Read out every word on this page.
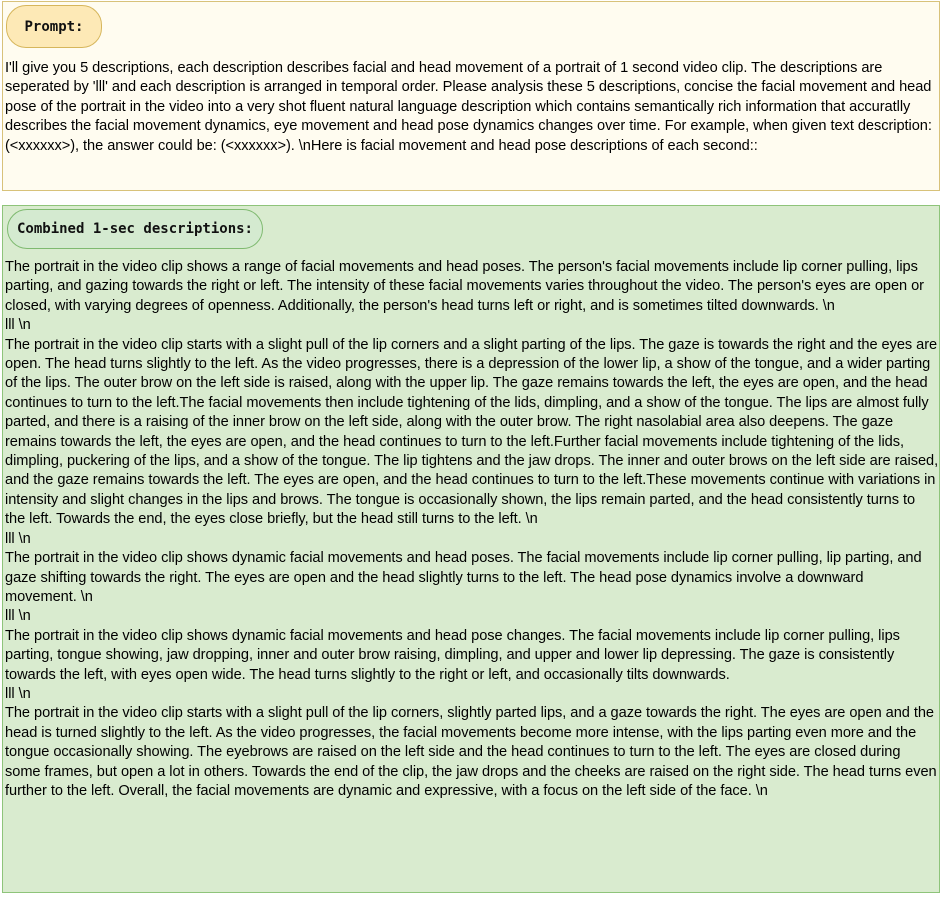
Prompt:
I'll give you 5 descriptions, each description describes facial and head movement of a portrait of 1 second video clip. The descriptions are seperated by 'lll' and each description is arranged in temporal order. Please analysis these 5 descriptions, concise the facial movement and head pose of the portrait in the video into a very shot fluent natural language description which contains semantically rich information that accuratlly describes the facial movement dynamics, eye movement and head pose dynamics changes over time. For example, when given text description: (<xxxxxx>), the answer could be: (<xxxxxx>). \nHere is facial movement and head pose descriptions of each second::
Combined 1-sec descriptions:

The portrait in the video clip shows a range of facial movements and head poses. The person's facial movements include lip corner pulling, lips parting, and gazing towards the right or left. The intensity of these facial movements varies throughout the video. The person's eyes are open or closed, with varying degrees of openness. Additionally, the person's head turns left or right, and is sometimes tilted downwards. \n

lll \n

The portrait in the video clip starts with a slight pull of the lip corners and a slight parting of the lips. The gaze is towards the right and the eyes are open. The head turns slightly to the left. As the video progresses, there is a depression of the lower lip, a show of the tongue, and a wider parting of the lips. The outer brow on the left side is raised, along with the upper lip. The gaze remains towards the left, the eyes are open, and the head continues to turn to the left.The facial movements then include tightening of the lids, dimpling, and a show of the tongue. The lips are almost fully parted, and there is a raising of the inner brow on the left side, along with the outer brow. The right nasolabial area also deepens. The gaze remains towards the left, the eyes are open, and the head continues to turn to the left.Further facial movements include tightening of the lids, dimpling, puckering of the lips, and a show of the tongue. The lip tightens and the jaw drops. The inner and outer brows on the left side are raised, and the gaze remains towards the left. The eyes are open, and the head continues to turn to the left.These movements continue with variations in intensity and slight changes in the lips and brows. The tongue is occasionally shown, the lips remain parted, and the head consistently turns to the left. Towards the end, the eyes close briefly, but the head still turns to the left. \n

lll \n

The portrait in the video clip shows dynamic facial movements and head poses. The facial movements include lip corner pulling, lip parting, and gaze shifting towards the right. The eyes are open and the head slightly turns to the left. The head pose dynamics involve a downward movement. \n

lll \n

The portrait in the video clip shows dynamic facial movements and head pose changes. The facial movements include lip corner pulling, lips parting, tongue showing, jaw dropping, inner and outer brow raising, dimpling, and upper and lower lip depressing. The gaze is consistently towards the left, with eyes open wide. The head turns slightly to the right or left, and occasionally tilts downwards.

lll \n

The portrait in the video clip starts with a slight pull of the lip corners, slightly parted lips, and a gaze towards the right. The eyes are open and the head is turned slightly to the left. As the video progresses, the facial movements become more intense, with the lips parting even more and the tongue occasionally showing. The eyebrows are raised on the left side and the head continues to turn to the left. The eyes are closed during some frames, but open a lot in others. Towards the end of the clip, the jaw drops and the cheeks are raised on the right side. The head turns even further to the left. Overall, the facial movements are dynamic and expressive, with a focus on the left side of the face. \n
